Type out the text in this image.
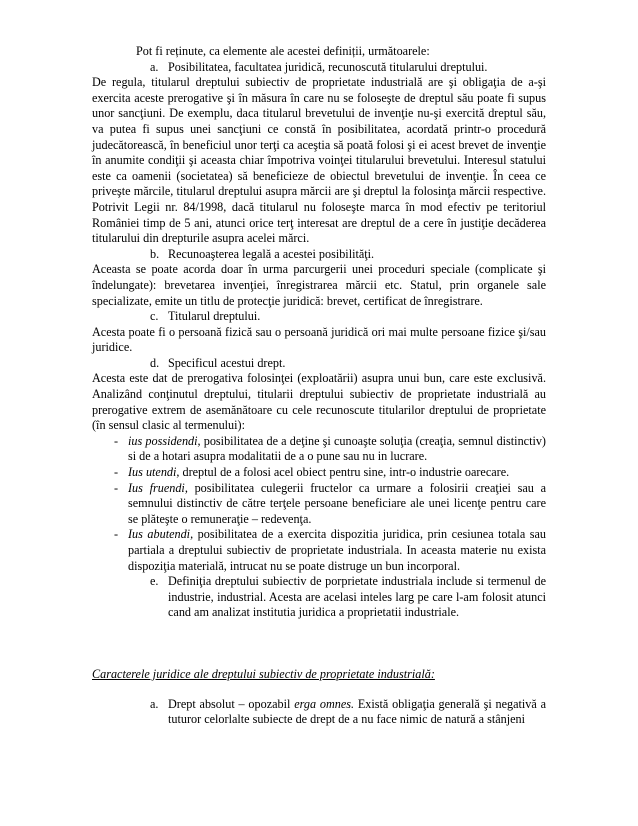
Pot fi reținute, ca elemente ale acestei definiții, următoarele:

a. Posibilitatea, facultatea juridică, recunoscută titularului dreptului.

De regula, titularul dreptului subiectiv de proprietate industrială are şi obligaţia de a-şi exercita aceste prerogative şi în măsura în care nu se foloseşte de dreptul său poate fi supus unor sancţiuni. De exemplu, daca titularul brevetului de invenţie nu-şi exercită dreptul său, va putea fi supus unei sancţiuni ce constă în posibilitatea, acordată printr-o procedură judecătorească, în beneficiul unor terţi ca aceştia să poată folosi şi ei acest brevet de invenţie în anumite condiţii şi aceasta chiar împotriva voinţei titularului brevetului. Interesul statului este ca oamenii (societatea) să beneficieze de obiectul brevetului de invenţie. În ceea ce priveşte mărcile, titularul dreptului asupra mărcii are şi dreptul la folosinţa mărcii respective. Potrivit Legii nr. 84/1998, dacă titularul nu foloseşte marca în mod efectiv pe teritoriul României timp de 5 ani, atunci orice terţ interesat are dreptul de a cere în justiţie decăderea titularului din drepturile asupra acelei mărci.

b. Recunoaşterea legală a acestei posibilităţi.

Aceasta se poate acorda doar în urma parcurgerii unei proceduri speciale (complicate şi îndelungate): brevetarea invenţiei, înregistrarea mărcii etc. Statul, prin organele sale specializate, emite un titlu de protecţie juridică: brevet, certificat de înregistrare.

c. Titularul dreptului.

Acesta poate fi o persoană fizică sau o persoană juridică ori mai multe persoane fizice şi/sau juridice.

d. Specificul acestui drept.

Acesta este dat de prerogativa folosinţei (exploatării) asupra unui bun, care este exclusivă. Analizând conţinutul dreptului, titularii dreptului subiectiv de proprietate industrială au prerogative extrem de asemănătoare cu cele recunoscute titularilor dreptului de proprietate (în sensul clasic al termenului):

- ius possidendi, posibilitatea de a deţine şi cunoaşte soluţia (creaţia, semnul distinctiv) si de a hotari asupra modalitatii de a o pune sau nu in lucrare.
- Ius utendi, dreptul de a folosi acel obiect pentru sine, intr-o industrie oarecare.
- Ius fruendi, posibilitatea culegerii fructelor ca urmare a folosirii creaţiei sau a semnului distinctiv de către terţele persoane beneficiare ale unei licenţe pentru care se plăteşte o remuneraţie – redevenţa.
- Ius abutendi, posibilitatea de a exercita dispozitia juridica, prin cesiunea totala sau partiala a dreptului subiectiv de proprietate industriala. In aceasta materie nu exista dispoziţia materială, intrucat nu se poate distruge un bun incorporal.
e. Definiţia dreptului subiectiv de porprietate industriala include si termenul de industrie, industrial. Acesta are acelasi inteles larg pe care l-am folosit atunci cand am analizat institutia juridica a proprietatii industriale.

Caracterele juridice ale dreptului subiectiv de proprietate industrială:

a. Drept absolut – opozabil erga omnes. Există obligaţia generală şi negativă a tuturor celorlalte subiecte de drept de a nu face nimic de natură a stânjeni
